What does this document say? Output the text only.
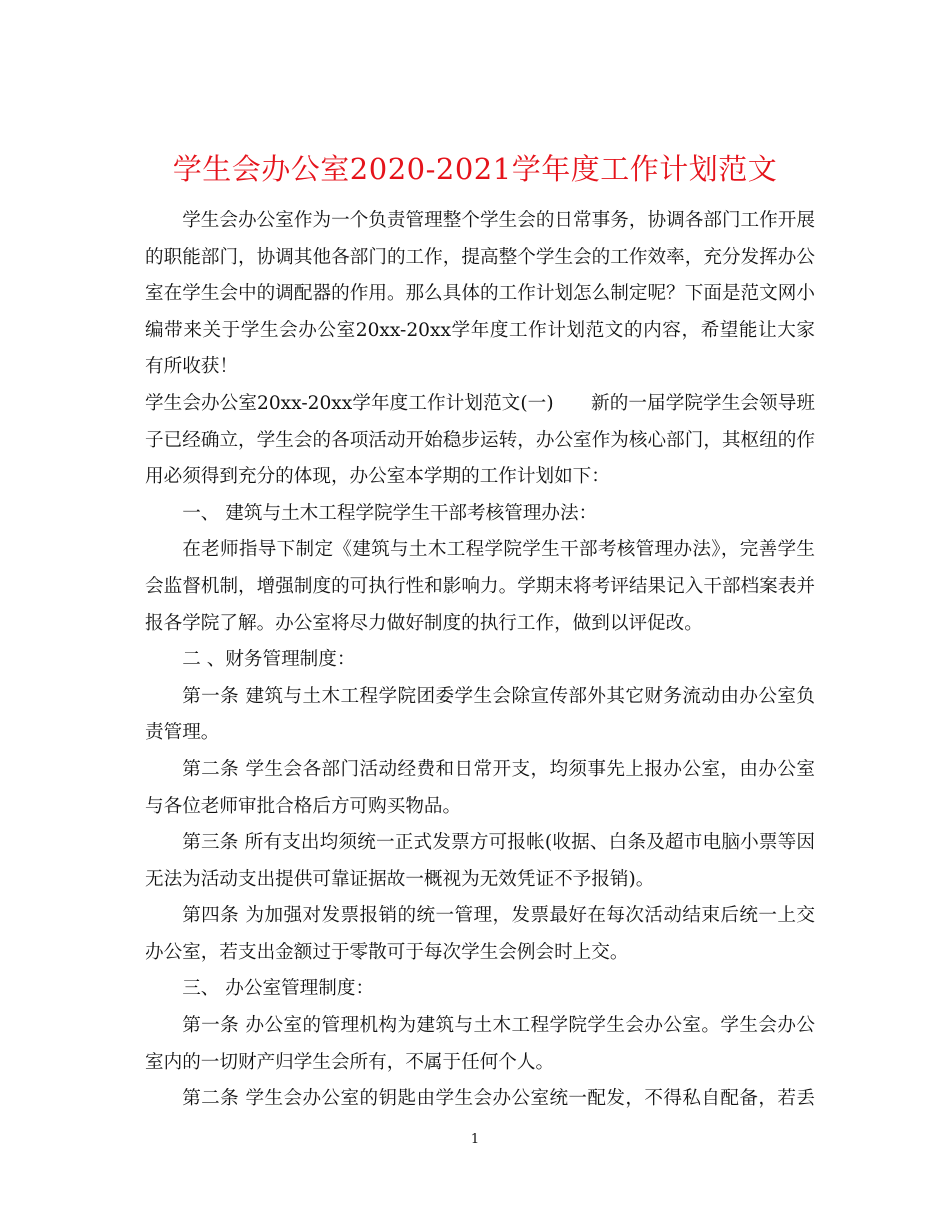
学生会办公室2020-2021学年度工作计划范文

学生会办公室作为一个负责管理整个学生会的日常事务，协调各部门工作开展的职能部门，协调其他各部门的工作，提高整个学生会的工作效率，充分发挥办公室在学生会中的调配器的作用。那么具体的工作计划怎么制定呢？下面是范文网小编带来关于学生会办公室20xx-20xx学年度工作计划范文的内容，希望能让大家有所收获！

学生会办公室20xx-20xx学年度工作计划范文(一)　　新的一届学院学生会领导班子已经确立，学生会的各项活动开始稳步运转，办公室作为核心部门，其枢纽的作用必须得到充分的体现，办公室本学期的工作计划如下：

一、 建筑与土木工程学院学生干部考核管理办法：

在老师指导下制定《建筑与土木工程学院学生干部考核管理办法》，完善学生会监督机制，增强制度的可执行性和影响力。学期末将考评结果记入干部档案表并报各学院了解。办公室将尽力做好制度的执行工作，做到以评促改。

二 、财务管理制度：

第一条 建筑与土木工程学院团委学生会除宣传部外其它财务流动由办公室负责管理。

第二条 学生会各部门活动经费和日常开支，均须事先上报办公室，由办公室与各位老师审批合格后方可购买物品。

第三条 所有支出均须统一正式发票方可报帐(收据、白条及超市电脑小票等因无法为活动支出提供可靠证据故一概视为无效凭证不予报销)。

第四条 为加强对发票报销的统一管理，发票最好在每次活动结束后统一上交办公室，若支出金额过于零散可于每次学生会例会时上交。

三、 办公室管理制度：

第一条 办公室的管理机构为建筑与土木工程学院学生会办公室。学生会办公室内的一切财产归学生会所有，不属于任何个人。

第二条 学生会办公室的钥匙由学生会办公室统一配发，不得私自配备，若丢

1
